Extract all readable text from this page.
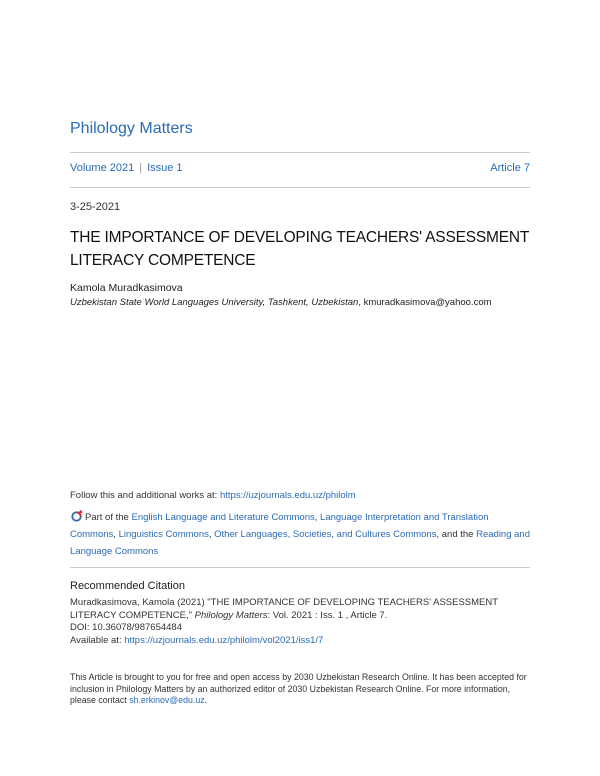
Philology Matters
Volume 2021 | Issue 1	Article 7
3-25-2021
THE IMPORTANCE OF DEVELOPING TEACHERS' ASSESSMENT LITERACY COMPETENCE
Kamola Muradkasimova
Uzbekistan State World Languages University, Tashkent, Uzbekistan, kmuradkasimova@yahoo.com
Follow this and additional works at: https://uzjournals.edu.uz/philolm
Part of the English Language and Literature Commons, Language Interpretation and Translation Commons, Linguistics Commons, Other Languages, Societies, and Cultures Commons, and the Reading and Language Commons
Recommended Citation
Muradkasimova, Kamola (2021) "THE IMPORTANCE OF DEVELOPING TEACHERS' ASSESSMENT LITERACY COMPETENCE," Philology Matters: Vol. 2021 : Iss. 1 , Article 7.
DOI: 10.36078/987654484
Available at: https://uzjournals.edu.uz/philolm/vol2021/iss1/7
This Article is brought to you for free and open access by 2030 Uzbekistan Research Online. It has been accepted for inclusion in Philology Matters by an authorized editor of 2030 Uzbekistan Research Online. For more information, please contact sh.erkinov@edu.uz.
